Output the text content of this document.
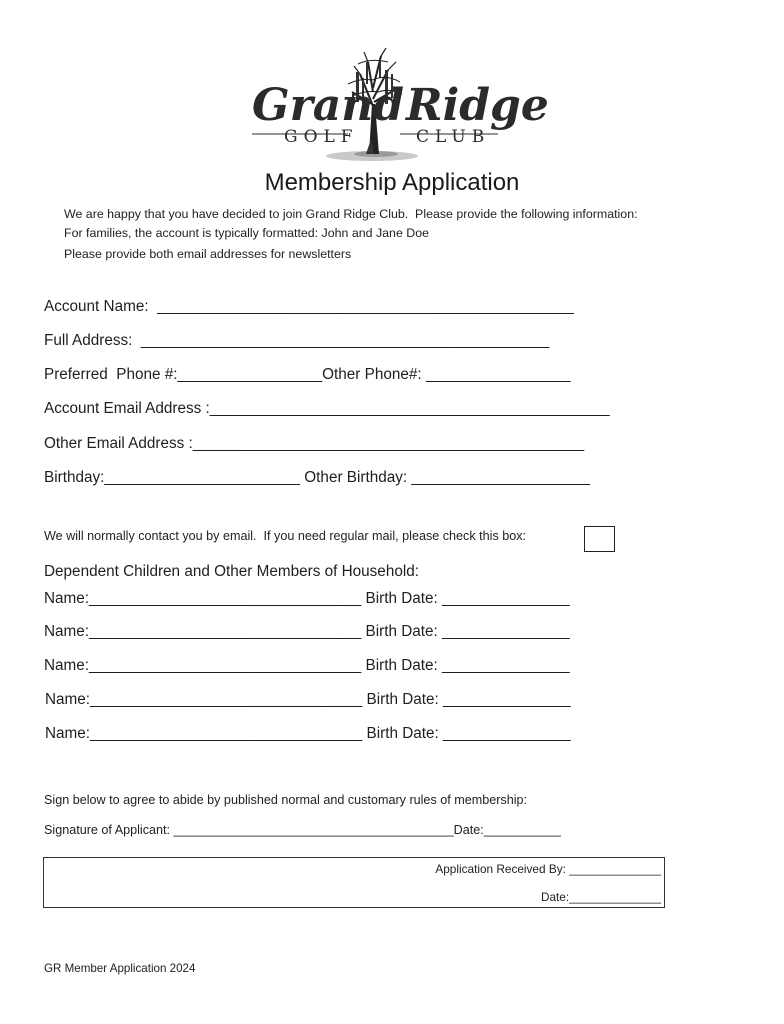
Grand Ridge
GOLF	CLUB
Membership Application
We are happy that you have decided to join Grand Ridge Club.  Please provide the following information:
For families, the account is typically formatted: John and Jane Doe
Please provide both email addresses for newsletters
Account Name:  _________________________________________________
Full Address:  ________________________________________________
Preferred  Phone #:_________________Other Phone#: _________________
Account Email Address :_______________________________________________
Other Email Address :______________________________________________
Birthday:_______________________ Other Birthday: _____________________
We will normally contact you by email.  If you need regular mail, please check this box:
Dependent Children and Other Members of Household:
Name:________________________________ Birth Date: _______________
Name:________________________________ Birth Date: _______________
Name:________________________________ Birth Date: _______________
Name:________________________________ Birth Date: _______________
Name:________________________________ Birth Date: _______________
Sign below to agree to abide by published normal and customary rules of membership:
Signature of Applicant: ________________________________________Date:___________
Application Received By: ______________
Date:______________
GR Member Application 2024
